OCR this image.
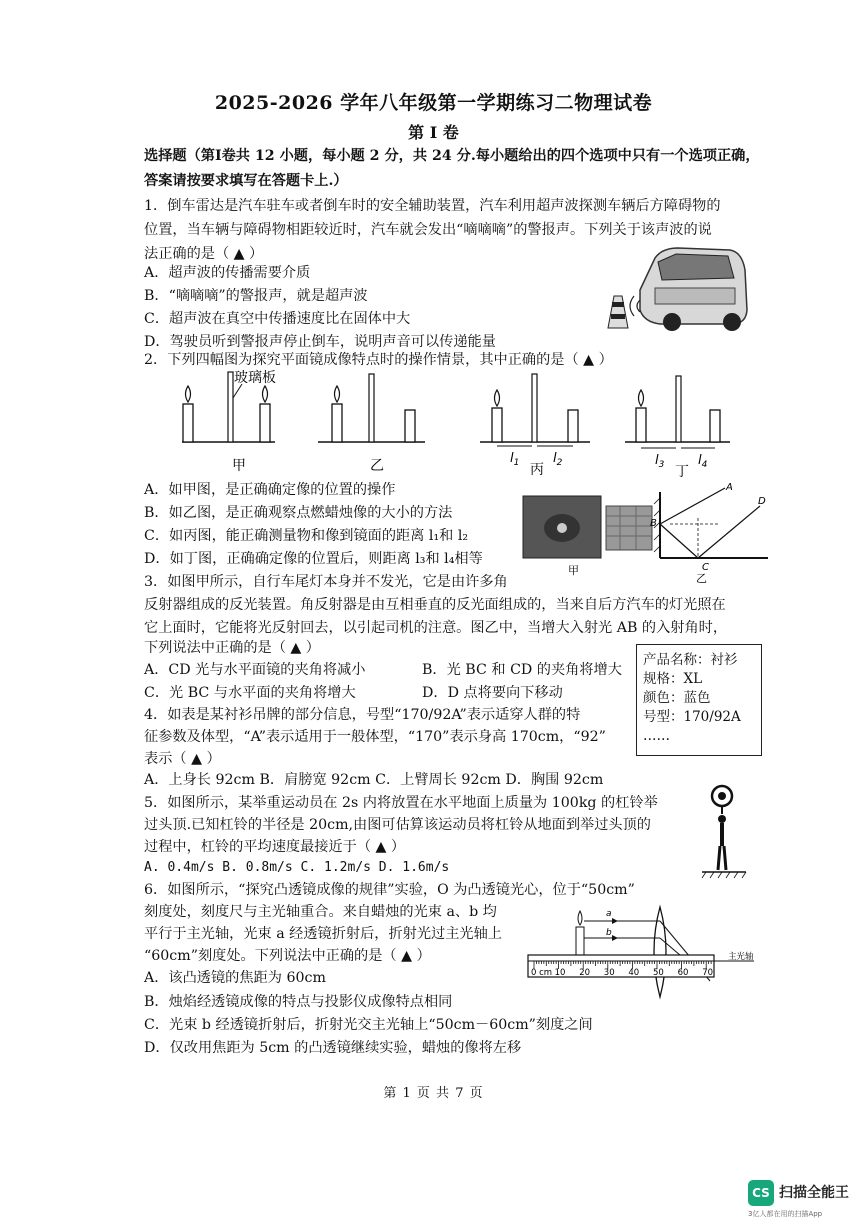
2025-2026 学年八年级第一学期练习二物理试卷
第 I 卷
选择题（第I卷共 12 小题，每小题 2 分，共 24 分.每小题给出的四个选项中只有一个选项正确，
答案请按要求填写在答题卡上.）
1．倒车雷达是汽车驻车或者倒车时的安全辅助装置，汽车利用超声波探测车辆后方障碍物的
位置，当车辆与障碍物相距较近时，汽车就会发出“嘀嘀嘀”的警报声。下列关于该声波的说
法正确的是（ ▲ ）
A．超声波的传播需要介质
B．“嘀嘀嘀”的警报声，就是超声波
C．超声波在真空中传播速度比在固体中大
D．驾驶员听到警报声停止倒车，说明声音可以传递能量
2．下列四幅图为探究平面镜成像特点时的操作情景，其中正确的是（ ▲ ）
甲
玻璃板
乙	$l_1$	$l_2$
丙
$l_3$	$l_4$
丁
A．如甲图，是正确确定像的位置的操作
B．如乙图，是正确观察点燃蜡烛像的大小的方法
C．如丙图，能正确测量物和像到镜面的距离 l₁和 l₂
D．如丁图，正确确定像的位置后，则距离 l₃和 l₄相等
甲
A
B
C
D
乙
3．如图甲所示，自行车尾灯本身并不发光，它是由许多角
反射器组成的反光装置。角反射器是由互相垂直的反光面组成的，当来自后方汽车的灯光照在
它上面时，它能将光反射回去，以引起司机的注意。图乙中，当增大入射光 AB 的入射角时，
下列说法中正确的是（ ▲ ）
A．CD 光与水平面镜的夹角将减小	B．光 BC 和 CD 的夹角将增大
C．光 BC 与水平面的夹角将增大	D．D 点将要向下移动
产品名称：衬衫
规格：XL
颜色：蓝色
号型：170/92A
……
4．如表是某衬衫吊牌的部分信息，号型“170/92A”表示适穿人群的特
征参数及体型，“A”表示适用于一般体型，“170”表示身高 170cm，“92”
表示（ ▲ ）
A．上身长 92cm B．肩膀宽 92cm C．上臂周长 92cm D．胸围 92cm
5．如图所示，某举重运动员在 2s 内将放置在水平地面上质量为 100kg 的杠铃举
过头顶.已知杠铃的半径是 20cm,由图可估算该运动员将杠铃从地面到举过头顶的
过程中，杠铃的平均速度最接近于（ ▲ ）
A. 0.4m/s B. 0.8m/s C. 1.2m/s D. 1.6m/s
6．如图所示，“探究凸透镜成像的规律”实验，O 为凸透镜光心，位于“50cm”
刻度处，刻度尺与主光轴重合。来自蜡烛的光束 a、b 均
平行于主光轴，光束 a 经透镜折射后，折射光过主光轴上
“60cm”刻度处。下列说法中正确的是（ ▲ ）
a
b
0 cm 10 20 30 40 50 60 70
主光轴
A．该凸透镜的焦距为 60cm
B．烛焰经透镜成像的特点与投影仪成像特点相同
C．光束 b 经透镜折射后，折射光交主光轴上“50cm－60cm”刻度之间
D．仅改用焦距为 5cm 的凸透镜继续实验，蜡烛的像将左移
第 1 页 共 7 页
CS 扫描全能王
3亿人都在用的扫描App
